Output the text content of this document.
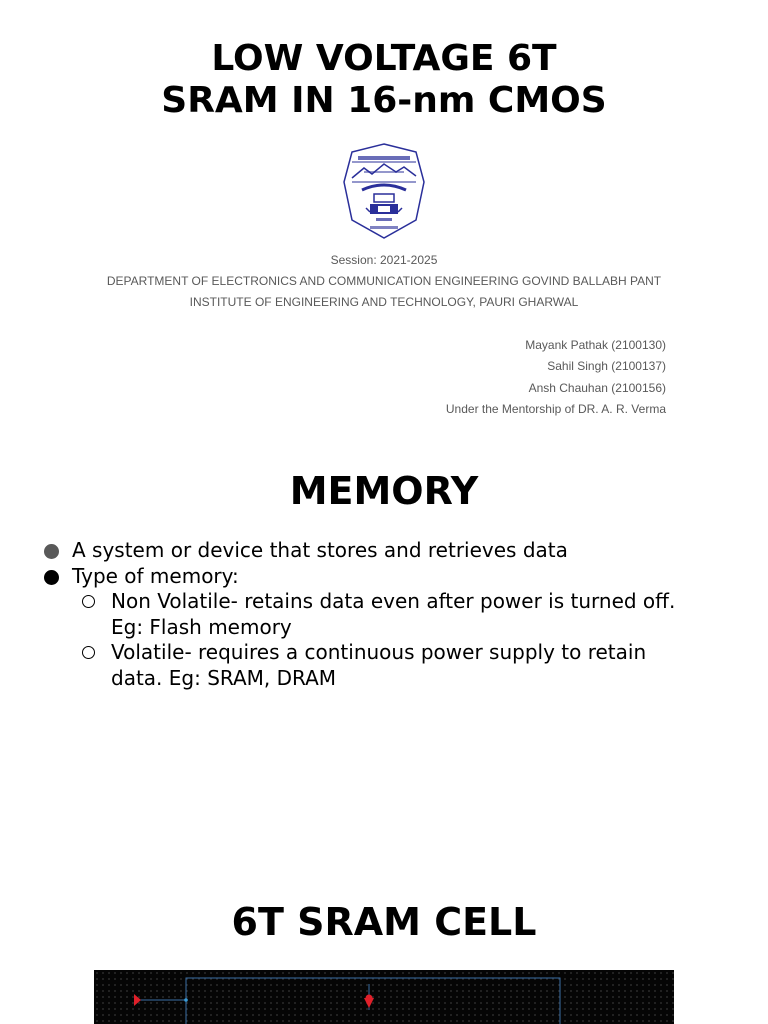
LOW VOLTAGE 6T
SRAM IN 16-nm CMOS
Session: 2021-2025
DEPARTMENT OF ELECTRONICS AND COMMUNICATION ENGINEERING GOVIND BALLABH PANT
INSTITUTE OF ENGINEERING AND TECHNOLOGY, PAURI GHARWAL
Mayank Pathak (2100130)
Sahil Singh (2100137)
Ansh Chauhan (2100156)
Under the Mentorship of DR. A. R. Verma
MEMORY
A system or device that stores and retrieves data
Type of memory:
Non Volatile- retains data even after power is turned off.
Eg: Flash memory
Volatile- requires a continuous power supply to retain
data. Eg: SRAM, DRAM
6T SRAM CELL
